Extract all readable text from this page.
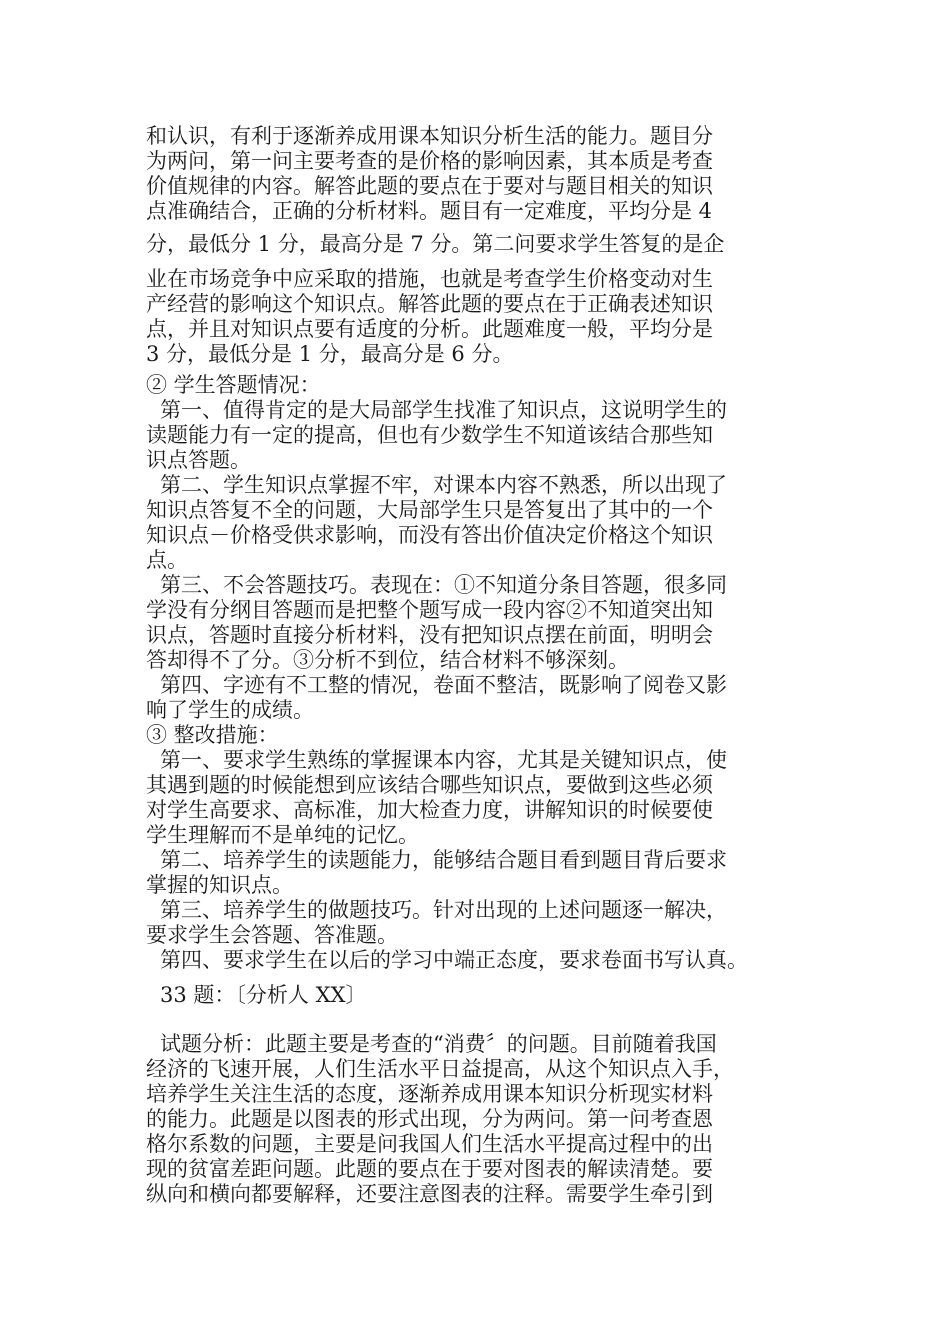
和认识，有利于逐渐养成用课本知识分析生活的能力。题目分

为两问，第一问主要考查的是价格的影响因素，其本质是考查

价值规律的内容。解答此题的要点在于要对与题目相关的知识

点准确结合，正确的分析材料。题目有一定难度，平均分是 4

分，最低分 1 分，最高分是 7 分。第二问要求学生答复的是企

业在市场竞争中应采取的措施，也就是考查学生价格变动对生

产经营的影响这个知识点。解答此题的要点在于正确表述知识

点，并且对知识点要有适度的分析。此题难度一般，平均分是

3 分，最低分是 1 分，最高分是 6 分。

② 学生答题情况：

第一、值得肯定的是大局部学生找准了知识点，这说明学生的

读题能力有一定的提高，但也有少数学生不知道该结合那些知

识点答题。

第二、学生知识点掌握不牢，对课本内容不熟悉，所以出现了

知识点答复不全的问题，大局部学生只是答复出了其中的一个

知识点－价格受供求影响，而没有答出价值决定价格这个知识

点。

第三、不会答题技巧。表现在：①不知道分条目答题，很多同

学没有分纲目答题而是把整个题写成一段内容②不知道突出知

识点，答题时直接分析材料，没有把知识点摆在前面，明明会

答却得不了分。③分析不到位，结合材料不够深刻。

第四、字迹有不工整的情况，卷面不整洁，既影响了阅卷又影

响了学生的成绩。

③ 整改措施：

第一、要求学生熟练的掌握课本内容，尤其是关键知识点，使

其遇到题的时候能想到应该结合哪些知识点，要做到这些必须

对学生高要求、高标准，加大检查力度，讲解知识的时候要使

学生理解而不是单纯的记忆。

第二、培养学生的读题能力，能够结合题目看到题目背后要求

掌握的知识点。

第三、培养学生的做题技巧。针对出现的上述问题逐一解决，

要求学生会答题、答准题。

第四、要求学生在以后的学习中端正态度，要求卷面书写认真。

33 题：〔分析人 XX〕

试题分析：此题主要是考查的“消费〞的问题。目前随着我国

经济的飞速开展，人们生活水平日益提高，从这个知识点入手，

培养学生关注生活的态度，逐渐养成用课本知识分析现实材料

的能力。此题是以图表的形式出现，分为两问。第一问考查恩

格尔系数的问题，主要是问我国人们生活水平提高过程中的出

现的贫富差距问题。此题的要点在于要对图表的解读清楚。要

纵向和横向都要解释，还要注意图表的注释。需要学生牵引到
